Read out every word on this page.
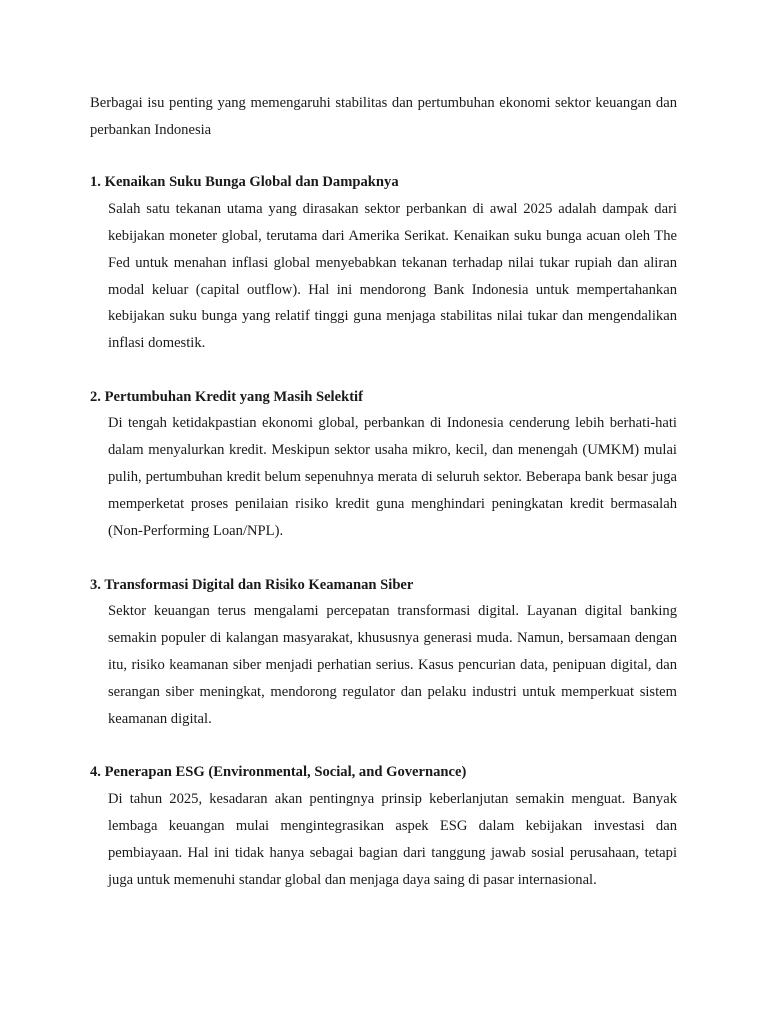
Berbagai isu penting yang memengaruhi stabilitas dan pertumbuhan ekonomi sektor keuangan dan perbankan Indonesia

1. Kenaikan Suku Bunga Global dan Dampaknya

Salah satu tekanan utama yang dirasakan sektor perbankan di awal 2025 adalah dampak dari kebijakan moneter global, terutama dari Amerika Serikat. Kenaikan suku bunga acuan oleh The Fed untuk menahan inflasi global menyebabkan tekanan terhadap nilai tukar rupiah dan aliran modal keluar (capital outflow). Hal ini mendorong Bank Indonesia untuk mempertahankan kebijakan suku bunga yang relatif tinggi guna menjaga stabilitas nilai tukar dan mengendalikan inflasi domestik.

2. Pertumbuhan Kredit yang Masih Selektif

Di tengah ketidakpastian ekonomi global, perbankan di Indonesia cenderung lebih berhati-hati dalam menyalurkan kredit. Meskipun sektor usaha mikro, kecil, dan menengah (UMKM) mulai pulih, pertumbuhan kredit belum sepenuhnya merata di seluruh sektor. Beberapa bank besar juga memperketat proses penilaian risiko kredit guna menghindari peningkatan kredit bermasalah (Non-Performing Loan/NPL).

3. Transformasi Digital dan Risiko Keamanan Siber

Sektor keuangan terus mengalami percepatan transformasi digital. Layanan digital banking semakin populer di kalangan masyarakat, khususnya generasi muda. Namun, bersamaan dengan itu, risiko keamanan siber menjadi perhatian serius. Kasus pencurian data, penipuan digital, dan serangan siber meningkat, mendorong regulator dan pelaku industri untuk memperkuat sistem keamanan digital.

4. Penerapan ESG (Environmental, Social, and Governance)

Di tahun 2025, kesadaran akan pentingnya prinsip keberlanjutan semakin menguat. Banyak lembaga keuangan mulai mengintegrasikan aspek ESG dalam kebijakan investasi dan pembiayaan. Hal ini tidak hanya sebagai bagian dari tanggung jawab sosial perusahaan, tetapi juga untuk memenuhi standar global dan menjaga daya saing di pasar internasional.
